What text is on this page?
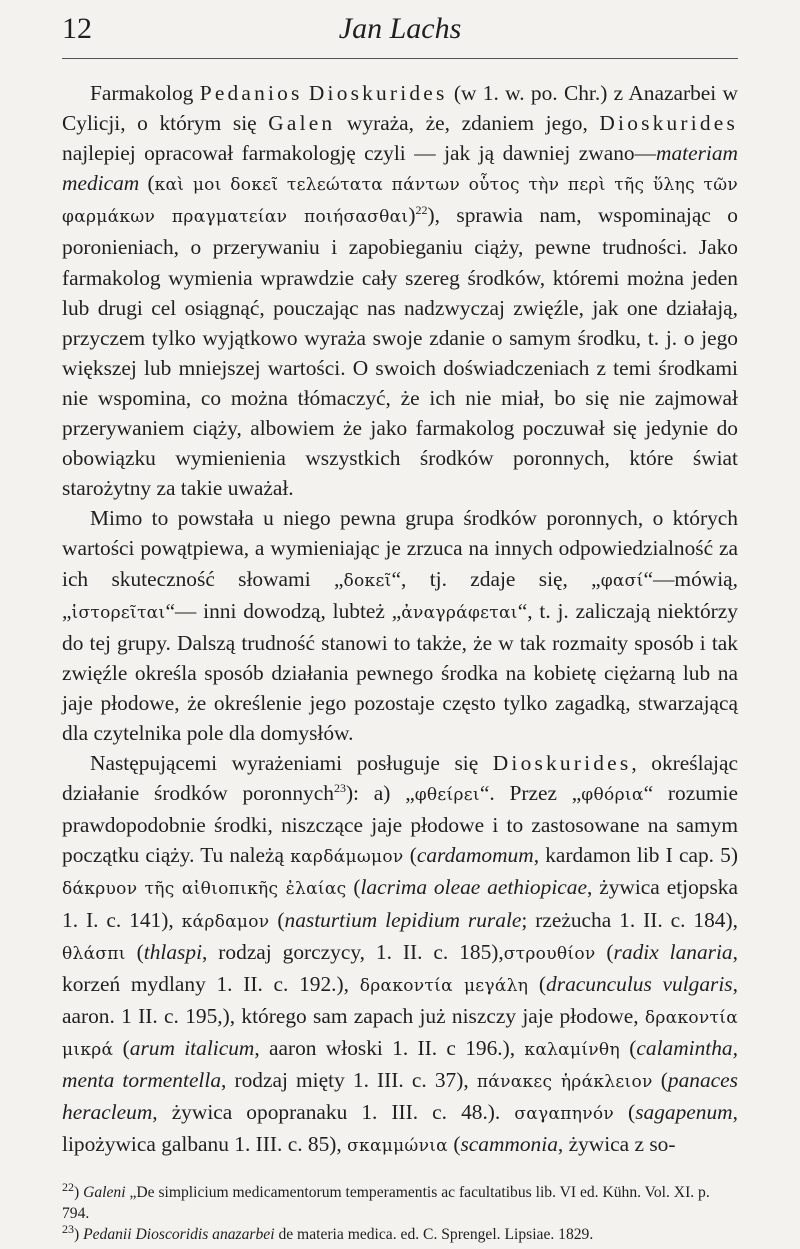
12	Jan Lachs

Farmakolog Pedanios Dioskurides (w 1. w. po. Chr.) z Anazarbei w Cylicji, o którym się Galen wyraża, że, zdaniem jego, Dioskurides najlepiej opracował farmakologję czyli — jak ją dawniej zwano—materiam medicam (καὶ μοι δοκεῖ τελεώτατα πάντων οὗτος τὴν περὶ τῆς ὕλης τῶν φαρμάκων πραγματείαν ποιήσασθαι)$^{22}$), sprawia nam, wspominając o poronieniach, o przerywaniu i zapobieganiu ciąży, pewne trudności. Jako farmakolog wymienia wprawdzie cały szereg środków, któremi można jeden lub drugi cel osiągnąć, pouczając nas nadzwyczaj zwięźle, jak one działają, przyczem tylko wyjątkowo wyraża swoje zdanie o samym środku, t. j. o jego większej lub mniejszej wartości. O swoich doświadczeniach z temi środkami nie wspomina, co można tłómaczyć, że ich nie miał, bo się nie zajmował przerywaniem ciąży, albowiem że jako farmakolog poczuwał się jedynie do obowiązku wymienienia wszystkich środków poronnych, które świat starożytny za takie uważał.

Mimo to powstała u niego pewna grupa środków poronnych, o których wartości powątpiewa, a wymieniając je zrzuca na innych odpowiedzialność za ich skuteczność słowami „δοκεῖ“, tj. zdaje się, „φασί“—mówią, „ἱστορεῖται“— inni dowodzą, lubteż „ἀναγράφεται“, t. j. zaliczają niektórzy do tej grupy. Dalszą trudność stanowi to także, że w tak rozmaity sposób i tak zwięźle określa sposób działania pewnego środka na kobietę ciężarną lub na jaje płodowe, że określenie jego pozostaje często tylko zagadką, stwarzającą dla czytelnika pole dla domysłów.

Następującemi wyrażeniami posługuje się Dioskurides, określając działanie środków poronnych$^{23}$): a) „φθείρει“. Przez „φθόρια“ rozumie prawdopodobnie środki, niszczące jaje płodowe i to zastosowane na samym początku ciąży. Tu należą καρδάμωμον (cardamomum, kardamon lib I cap. 5) δάκρυον τῆς αἰθιοπικῆς ἐλαίας (lacrima oleae aethiopicae, żywica etjopska 1. I. c. 141), κάρδαμον (nasturtium lepidium rurale; rzeżucha 1. II. c. 184), θλάσπι (thlaspi, rodzaj gorczycy, 1. II. c. 185),στρουθίον (radix lanaria, korzeń mydlany 1. II. c. 192.), δρακοντία μεγάλη (dracunculus vulgaris, aaron. 1 II. c. 195,), którego sam zapach już niszczy jaje płodowe, δρακοντία μικρά (arum italicum, aaron włoski 1. II. c 196.), καλαμίνθη (calamintha, menta tormentella, rodzaj mięty 1. III. c. 37), πάνακες ἡράκλειον (panaces heracleum, żywica opopranaku 1. III. c. 48.). σαγαπηνόν (sagapenum, lipożywica galbanu 1. III. c. 85), σκαμμώνια (scammonia, żywica z so-

$^{22}$) Galeni „De simplicium medicamentorum temperamentis ac facultatibus lib. VI ed. Kühn. Vol. XI. p. 794.

$^{23}$) Pedanii Dioscoridis anazarbei de materia medica. ed. C. Sprengel. Lipsiae. 1829.
